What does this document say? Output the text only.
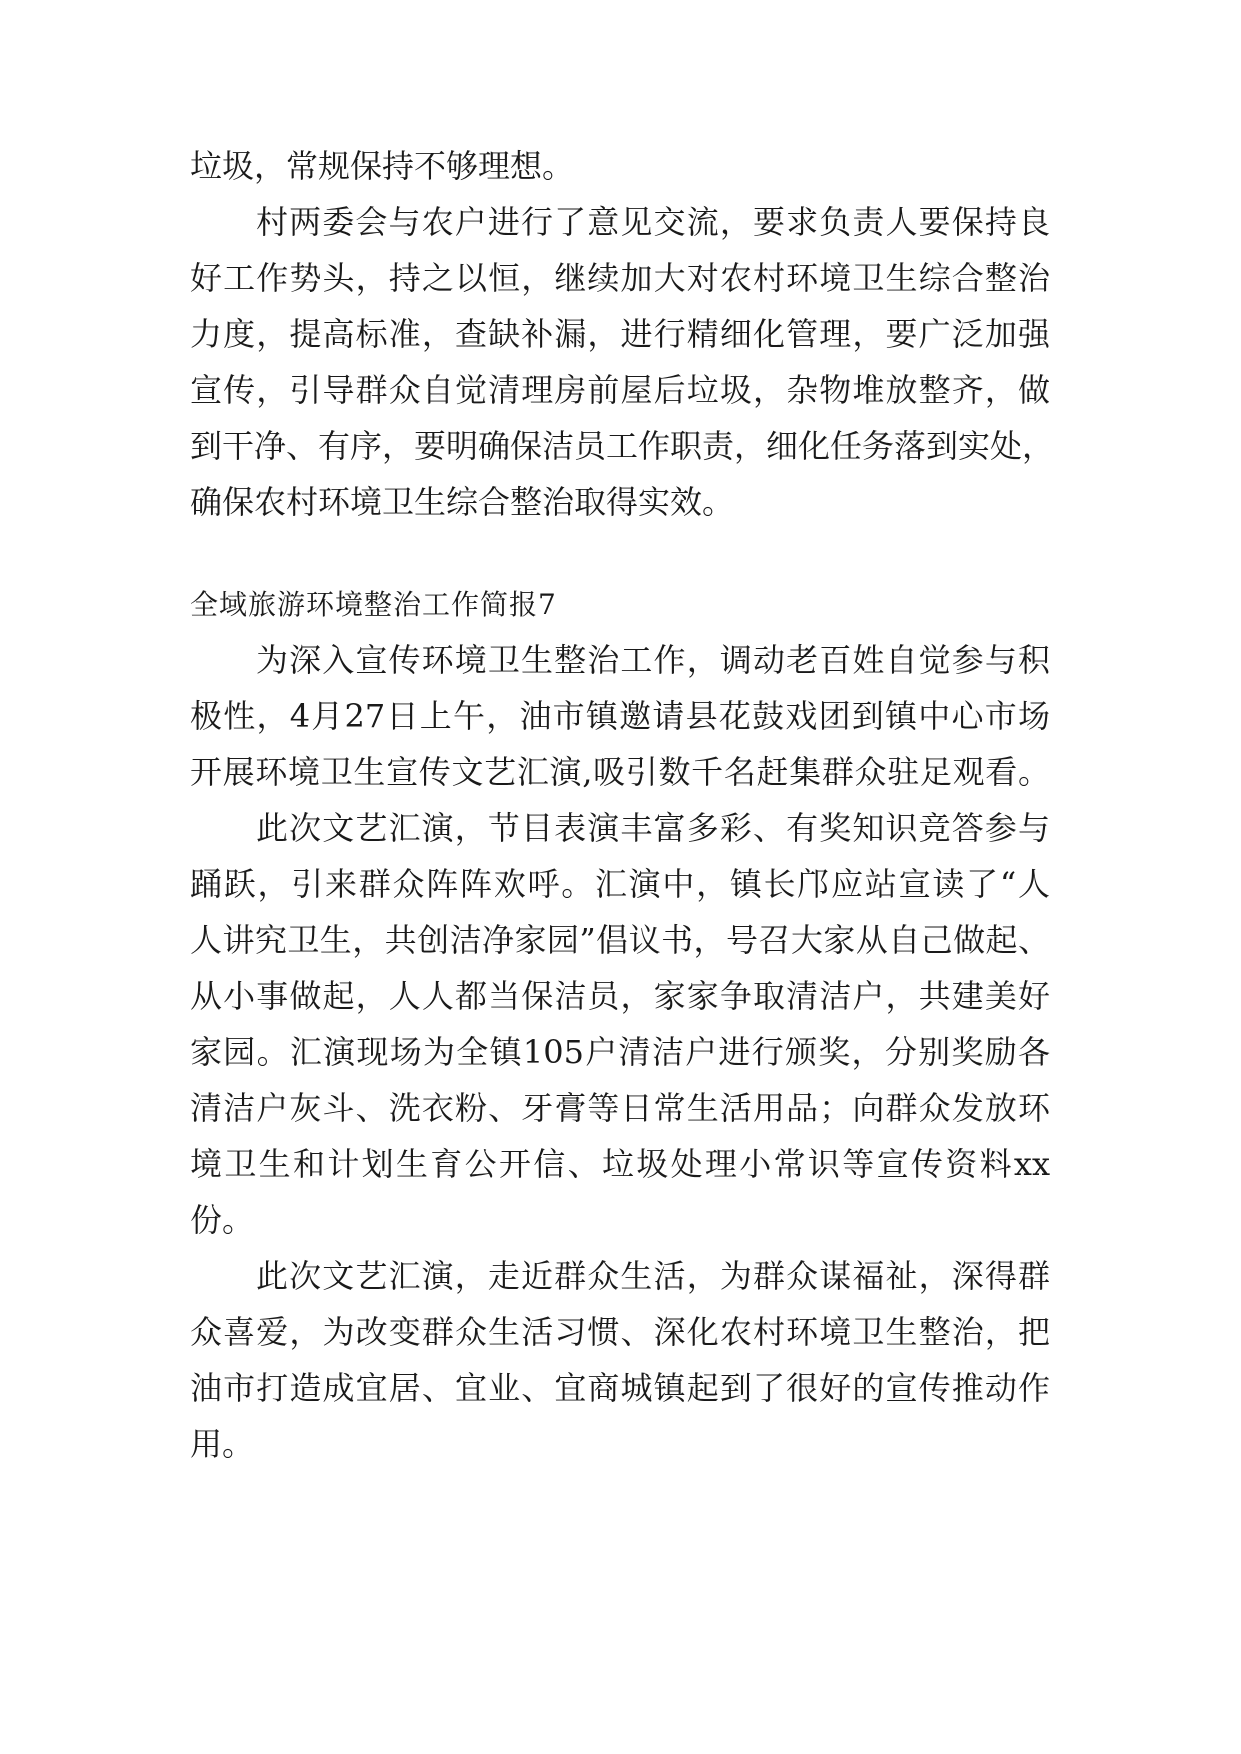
垃圾，常规保持不够理想。
村两委会与农户进行了意见交流，要求负责人要保持良
好工作势头，持之以恒，继续加大对农村环境卫生综合整治
力度，提高标准，查缺补漏，进行精细化管理，要广泛加强
宣传，引导群众自觉清理房前屋后垃圾，杂物堆放整齐，做
到干净、有序，要明确保洁员工作职责，细化任务落到实处，
确保农村环境卫生综合整治取得实效。
全域旅游环境整治工作简报7
为深入宣传环境卫生整治工作，调动老百姓自觉参与积
极性，4月27日上午，油市镇邀请县花鼓戏团到镇中心市场
开展环境卫生宣传文艺汇演,吸引数千名赶集群众驻足观看。
此次文艺汇演，节目表演丰富多彩、有奖知识竞答参与
踊跃，引来群众阵阵欢呼。汇演中，镇长邝应站宣读了“人
人讲究卫生，共创洁净家园”倡议书，号召大家从自己做起、
从小事做起，人人都当保洁员，家家争取清洁户，共建美好
家园。汇演现场为全镇105户清洁户进行颁奖，分别奖励各
清洁户灰斗、洗衣粉、牙膏等日常生活用品；向群众发放环
境卫生和计划生育公开信、垃圾处理小常识等宣传资料xx
份。
此次文艺汇演，走近群众生活，为群众谋福祉，深得群
众喜爱，为改变群众生活习惯、深化农村环境卫生整治，把
油市打造成宜居、宜业、宜商城镇起到了很好的宣传推动作
用。
